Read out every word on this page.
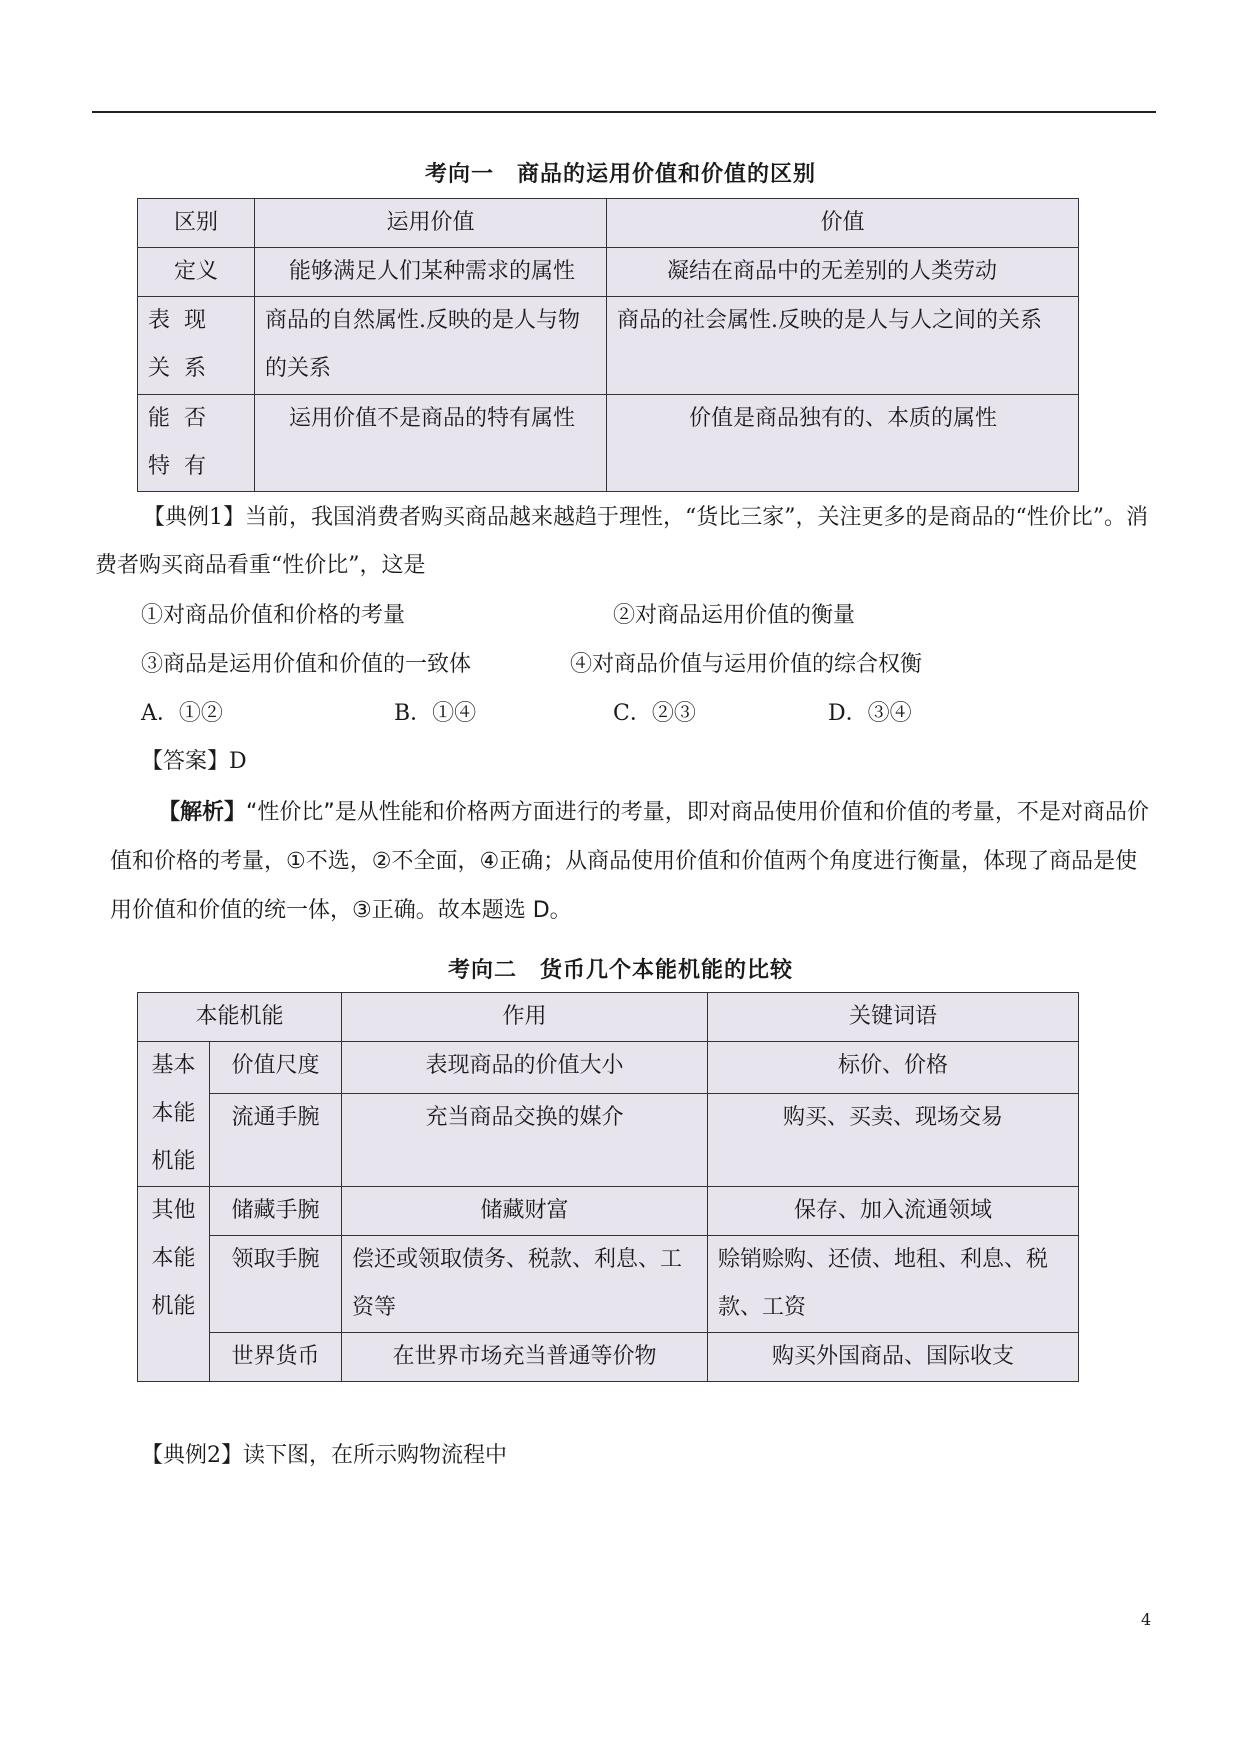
考向一　商品的运用价值和价值的区别
区别	运用价值	价值
定义	能够满足人们某种需求的属性	凝结在商品中的无差别的人类劳动
表现关系	商品的自然属性.反映的是人与物的关系	商品的社会属性.反映的是人与人之间的关系
能否特有	运用价值不是商品的特有属性	价值是商品独有的、本质的属性
【典例1】当前，我国消费者购买商品越来越趋于理性，“货比三家”，关注更多的是商品的“性价比”。消费者购买商品看重“性价比”，这是
①对商品价值和价格的考量	②对商品运用价值的衡量
③商品是运用价值和价值的一致体	④对商品价值与运用价值的综合权衡
A．①②	B．①④	C．②③	D．③④
【答案】D
【解析】“性价比”是从性能和价格两方面进行的考量，即对商品使用价值和价值的考量，不是对商品价值和价格的考量，①不选，②不全面，④正确；从商品使用价值和价值两个角度进行衡量，体现了商品是使用价值和价值的统一体，③正确。故本题选 D。
考向二　货币几个本能机能的比较
本能机能		作用	关键词语
基本本能机能	价值尺度	表现商品的价值大小	标价、价格
	流通手腕	充当商品交换的媒介	购买、买卖、现场交易
其他本能机能	储藏手腕	储藏财富	保存、加入流通领域
	领取手腕	偿还或领取债务、税款、利息、工资等	赊销赊购、还债、地租、利息、税款、工资
	世界货币	在世界市场充当普通等价物	购买外国商品、国际收支
【典例2】读下图，在所示购物流程中
4
